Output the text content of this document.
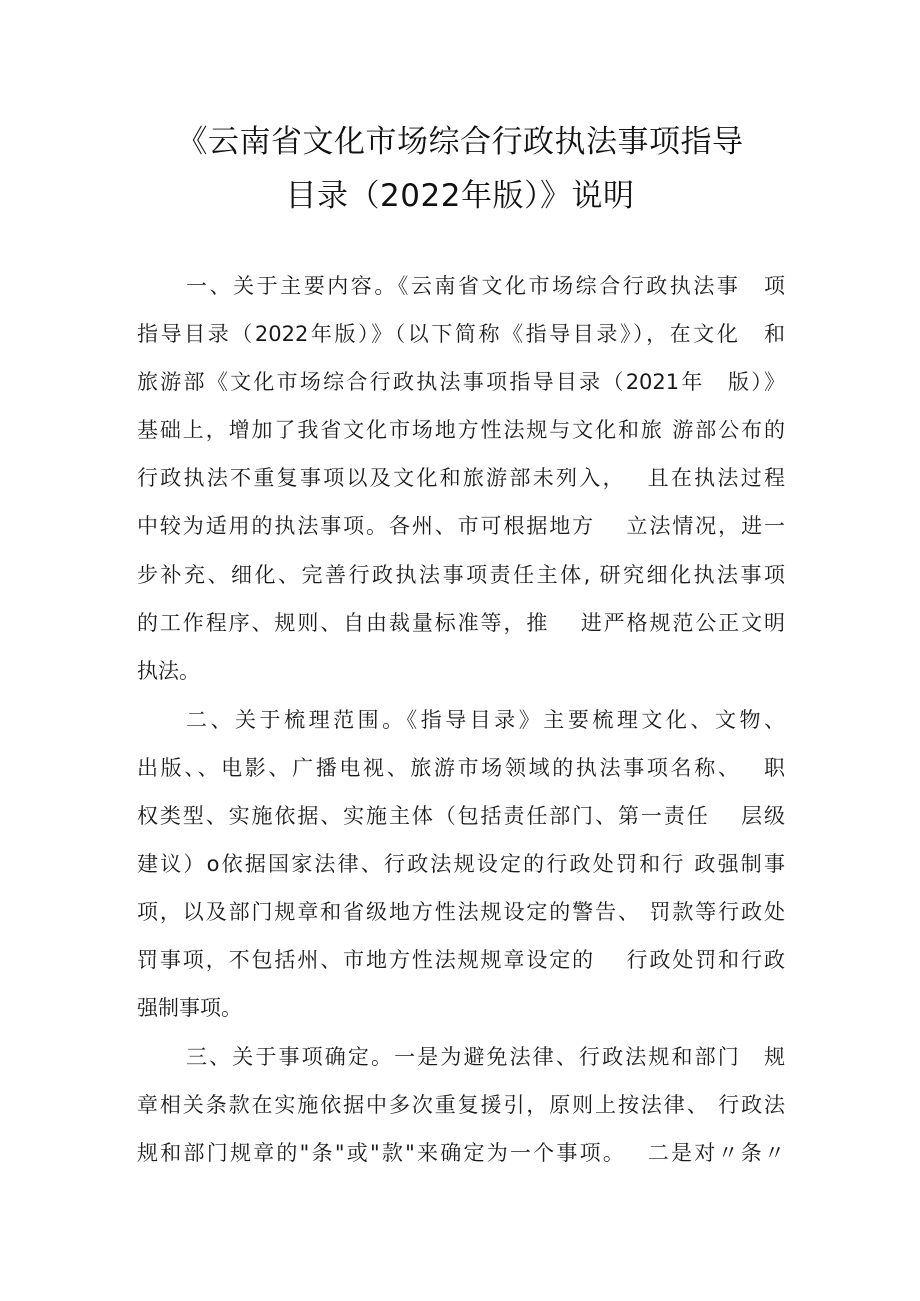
《云南省文化市场综合行政执法事项指导
目录（2022年版）》说明
一、关于主要内容。《云南省文化市场综合行政执法事　项
指导目录（2022年版）》（以下简称《指导目录》），在文化　和
旅游部《文化市场综合行政执法事项指导目录（2021年　版）》
基础上，增加了我省文化市场地方性法规与文化和旅 游部公布的
行政执法不重复事项以及文化和旅游部未列入，　 且在执法过程
中较为适用的执法事项。各州、市可根据地方　 立法情况，进一
步补充、细化、完善行政执法事项责任主体, 研究细化执法事项
的工作程序、规则、自由裁量标准等，推　 进严格规范公正文明
执法。
二、关于梳理范围。《指导目录》主要梳理文化、文物、
出版、、电影、广播电视、旅游市场领域的执法事项名称、　 职
权类型、实施依据、实施主体（包括责任部门、第一责任　 层级
建议）o依据国家法律、行政法规设定的行政处罚和行 政强制事
项，以及部门规章和省级地方性法规设定的警告、 罚款等行政处
罚事项，不包括州、市地方性法规规章设定的　 行政处罚和行政
强制事项。
三、关于事项确定。一是为避免法律、行政法规和部门　规
章相关条款在实施依据中多次重复援引，原则上按法律、 行政法
规和部门规章的"条"或"款"来确定为一个事项。　 二是对〃条〃
